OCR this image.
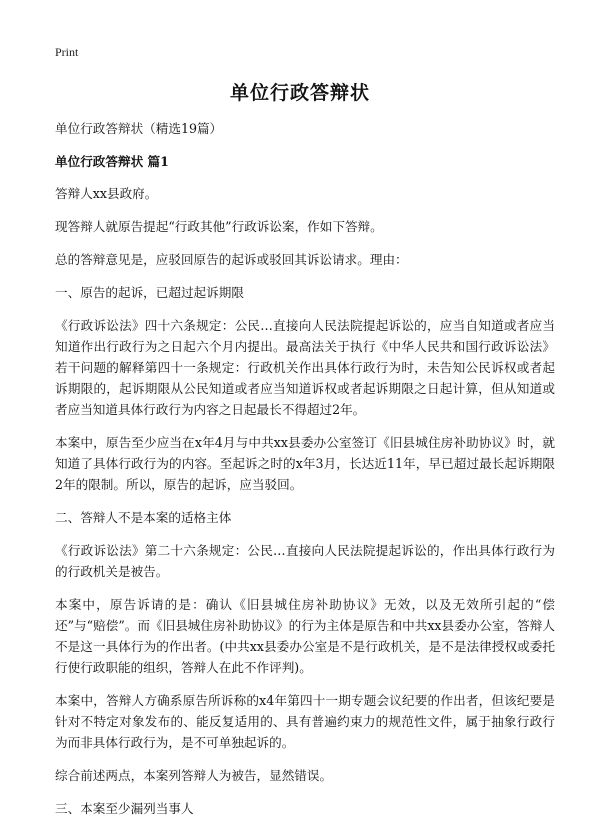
Print
单位行政答辩状

单位行政答辩状（精选19篇）

单位行政答辩状 篇1

答辩人xx县政府。

现答辩人就原告提起“行政其他”行政诉讼案，作如下答辩。

总的答辩意见是，应驳回原告的起诉或驳回其诉讼请求。理由：

一、原告的起诉，已超过起诉期限

《行政诉讼法》四十六条规定：公民…直接向人民法院提起诉讼的，应当自知道或者应当知道作出行政行为之日起六个月内提出。最高法关于执行《中华人民共和国行政诉讼法》若干问题的解释第四十一条规定：行政机关作出具体行政行为时，未告知公民诉权或者起诉期限的，起诉期限从公民知道或者应当知道诉权或者起诉期限之日起计算，但从知道或者应当知道具体行政行为内容之日起最长不得超过2年。

本案中，原告至少应当在x年4月与中共xx县委办公室签订《旧县城住房补助协议》时，就知道了具体行政行为的内容。至起诉之时的x年3月，长达近11年，早已超过最长起诉期限2年的限制。所以，原告的起诉，应当驳回。

二、答辩人不是本案的适格主体

《行政诉讼法》第二十六条规定：公民…直接向人民法院提起诉讼的，作出具体行政行为的行政机关是被告。

本案中，原告诉请的是：确认《旧县城住房补助协议》无效，以及无效所引起的“偿还”与“赔偿”。而《旧县城住房补助协议》的行为主体是原告和中共xx县委办公室，答辩人不是这一具体行为的作出者。(中共xx县委办公室是不是行政机关，是不是法律授权或委托行使行政职能的组织，答辩人在此不作评判)。

本案中，答辩人方确系原告所诉称的x4年第四十一期专题会议纪要的作出者，但该纪要是针对不特定对象发布的、能反复适用的、具有普遍约束力的规范性文件，属于抽象行政行为而非具体行政行为，是不可单独起诉的。

综合前述两点，本案列答辩人为被告，显然错误。

三、本案至少漏列当事人
